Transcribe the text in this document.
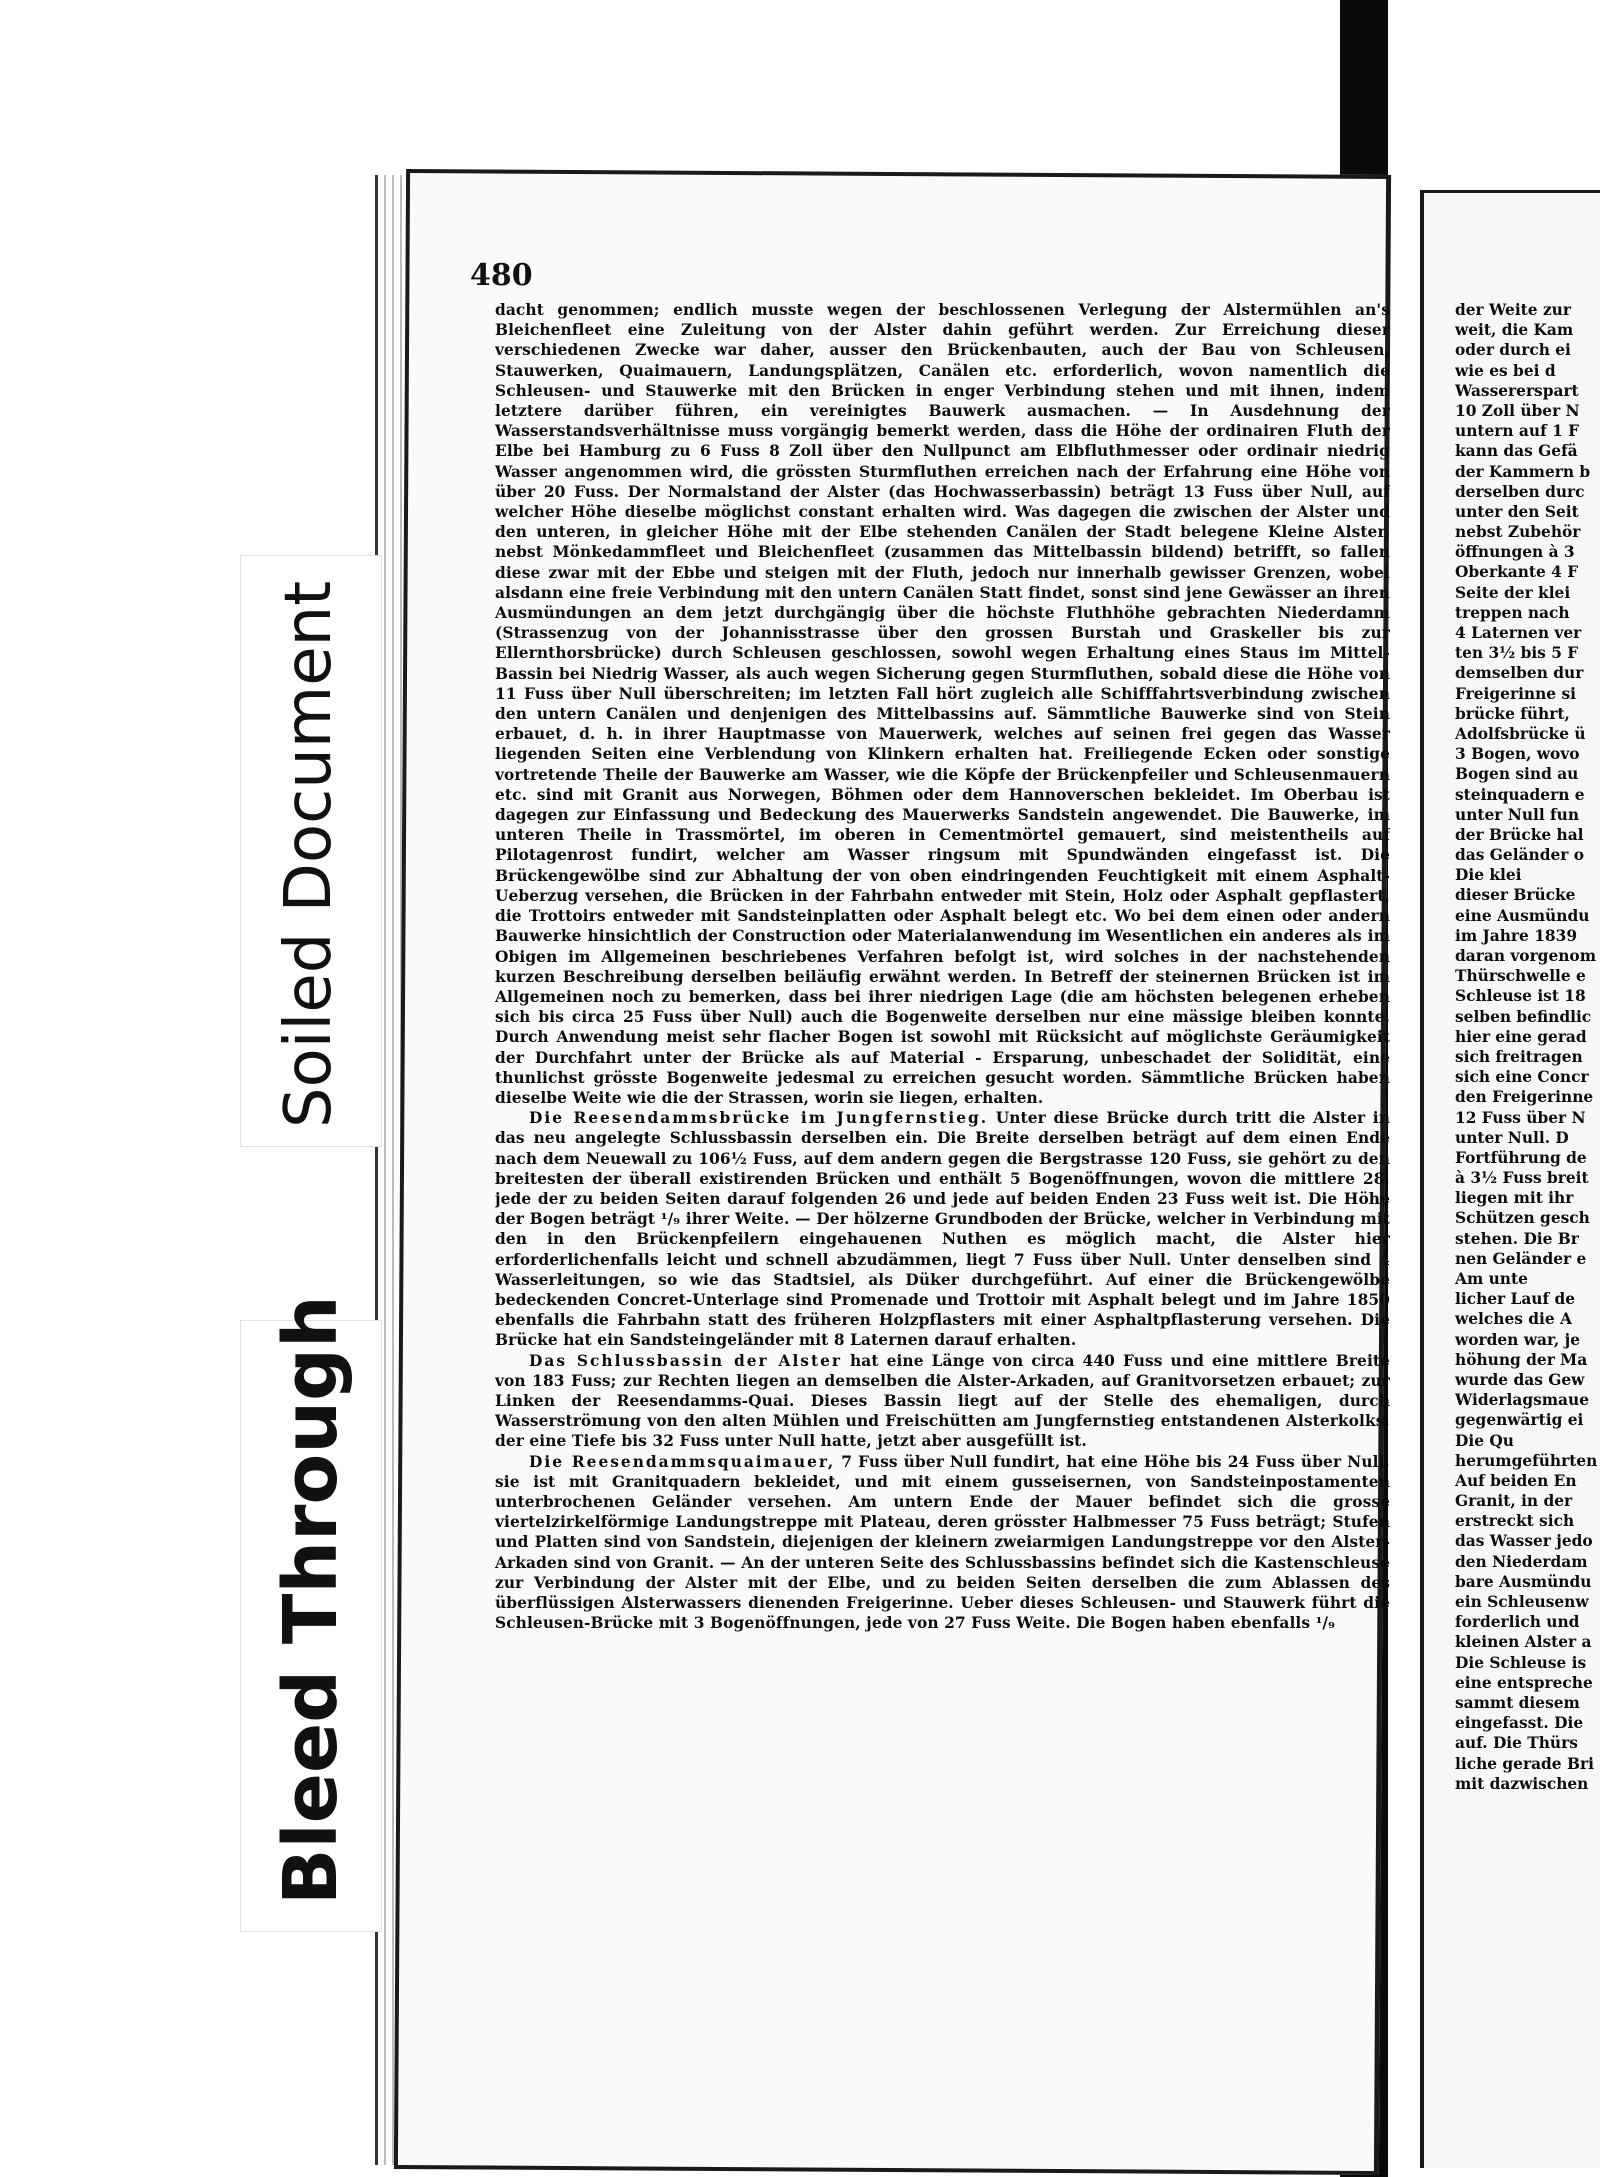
480

dacht genommen; endlich musste wegen der beschlossenen Verlegung der Alstermühlen an's Bleichenfleet eine Zuleitung von der Alster dahin geführt werden. Zur Erreichung dieser verschiedenen Zwecke war daher, ausser den Brückenbauten, auch der Bau von Schleusen, Stauwerken, Quaimauern, Landungsplätzen, Canälen etc. erforderlich, wovon namentlich die Schleusen- und Stauwerke mit den Brücken in enger Verbindung stehen und mit ihnen, indem letztere darüber führen, ein vereinigtes Bauwerk ausmachen. — In Ausdehnung der Wasserstandsverhältnisse muss vorgängig bemerkt werden, dass die Höhe der ordinairen Fluth der Elbe bei Hamburg zu 6 Fuss 8 Zoll über den Nullpunct am Elbfluthmesser oder ordinair niedrig Wasser angenommen wird, die grössten Sturmfluthen erreichen nach der Erfahrung eine Höhe von über 20 Fuss. Der Normalstand der Alster (das Hochwasserbassin) beträgt 13 Fuss über Null, auf welcher Höhe dieselbe möglichst constant erhalten wird. Was dagegen die zwischen der Alster und den unteren, in gleicher Höhe mit der Elbe stehenden Canälen der Stadt belegene Kleine Alster, nebst Mönkedammfleet und Bleichenfleet (zusammen das Mittelbassin bildend) betrifft, so fallen diese zwar mit der Ebbe und steigen mit der Fluth, jedoch nur innerhalb gewisser Grenzen, wobei alsdann eine freie Verbindung mit den untern Canälen Statt findet, sonst sind jene Gewässer an ihren Ausmündungen an dem jetzt durchgängig über die höchste Fluthhöhe gebrachten Niederdamm (Strassenzug von der Johannisstrasse über den grossen Burstah und Graskeller bis zur Ellernthorsbrücke) durch Schleusen geschlossen, sowohl wegen Erhaltung eines Staus im Mittel-Bassin bei Niedrig Wasser, als auch wegen Sicherung gegen Sturmfluthen, sobald diese die Höhe von 11 Fuss über Null überschreiten; im letzten Fall hört zugleich alle Schifffahrtsverbindung zwischen den untern Canälen und denjenigen des Mittelbassins auf. Sämmtliche Bauwerke sind von Stein erbauet, d. h. in ihrer Hauptmasse von Mauerwerk, welches auf seinen frei gegen das Wasser liegenden Seiten eine Verblendung von Klinkern erhalten hat. Freiliegende Ecken oder sonstige vortretende Theile der Bauwerke am Wasser, wie die Köpfe der Brückenpfeiler und Schleusenmauern etc. sind mit Granit aus Norwegen, Böhmen oder dem Hannoverschen bekleidet. Im Oberbau ist dagegen zur Einfassung und Bedeckung des Mauerwerks Sandstein angewendet. Die Bauwerke, im unteren Theile in Trassmörtel, im oberen in Cementmörtel gemauert, sind meistentheils auf Pilotagenrost fundirt, welcher am Wasser ringsum mit Spundwänden eingefasst ist. Die Brückengewölbe sind zur Abhaltung der von oben eindringenden Feuchtigkeit mit einem Asphalt-Ueberzug versehen, die Brücken in der Fahrbahn entweder mit Stein, Holz oder Asphalt gepflastert, die Trottoirs entweder mit Sandsteinplatten oder Asphalt belegt etc. Wo bei dem einen oder andern Bauwerke hinsichtlich der Construction oder Materialanwendung im Wesentlichen ein anderes als im Obigen im Allgemeinen beschriebenes Verfahren befolgt ist, wird solches in der nachstehenden kurzen Beschreibung derselben beiläufig erwähnt werden. In Betreff der steinernen Brücken ist im Allgemeinen noch zu bemerken, dass bei ihrer niedrigen Lage (die am höchsten belegenen erheben sich bis circa 25 Fuss über Null) auch die Bogenweite derselben nur eine mässige bleiben konnte. Durch Anwendung meist sehr flacher Bogen ist sowohl mit Rücksicht auf möglichste Geräumigkeit der Durchfahrt unter der Brücke als auf Material - Ersparung, unbeschadet der Solidität, eine thunlichst grösste Bogenweite jedesmal zu erreichen gesucht worden. Sämmtliche Brücken haben dieselbe Weite wie die der Strassen, worin sie liegen, erhalten.

Die Reesendammsbrücke im Jungfernstieg. Unter diese Brücke durch tritt die Alster in das neu angelegte Schlussbassin derselben ein. Die Breite derselben beträgt auf dem einen Ende nach dem Neuewall zu 106½ Fuss, auf dem andern gegen die Bergstrasse 120 Fuss, sie gehört zu den breitesten der überall existirenden Brücken und enthält 5 Bogenöffnungen, wovon die mittlere 28, jede der zu beiden Seiten darauf folgenden 26 und jede auf beiden Enden 23 Fuss weit ist. Die Höhe der Bogen beträgt ¹/₉ ihrer Weite. — Der hölzerne Grundboden der Brücke, welcher in Verbindung mit den in den Brückenpfeilern eingehauenen Nuthen es möglich macht, die Alster hier erforderlichenfalls leicht und schnell abzudämmen, liegt 7 Fuss über Null. Unter denselben sind 4 Wasserleitungen, so wie das Stadtsiel, als Düker durchgeführt. Auf einer die Brückengewölbe bedeckenden Concret-Unterlage sind Promenade und Trottoir mit Asphalt belegt und im Jahre 1850 ebenfalls die Fahrbahn statt des früheren Holzpflasters mit einer Asphaltpflasterung versehen. Die Brücke hat ein Sandsteingeländer mit 8 Laternen darauf erhalten.

Das Schlussbassin der Alster hat eine Länge von circa 440 Fuss und eine mittlere Breite von 183 Fuss; zur Rechten liegen an demselben die Alster-Arkaden, auf Granitvorsetzen erbauet; zur Linken der Reesendamms-Quai. Dieses Bassin liegt auf der Stelle des ehemaligen, durch Wasserströmung von den alten Mühlen und Freischütten am Jungfernstieg entstandenen Alsterkolks, der eine Tiefe bis 32 Fuss unter Null hatte, jetzt aber ausgefüllt ist.

Die Reesendammsquaimauer, 7 Fuss über Null fundirt, hat eine Höhe bis 24 Fuss über Null, sie ist mit Granitquadern bekleidet, und mit einem gusseisernen, von Sandsteinpostamenten unterbrochenen Geländer versehen. Am untern Ende der Mauer befindet sich die grosse viertelzirkelförmige Landungstreppe mit Plateau, deren grösster Halbmesser 75 Fuss beträgt; Stufen und Platten sind von Sandstein, diejenigen der kleinern zweiarmigen Landungstreppe vor den Alster-Arkaden sind von Granit. — An der unteren Seite des Schlussbassins befindet sich die Kastenschleuse zur Verbindung der Alster mit der Elbe, und zu beiden Seiten derselben die zum Ablassen des überflüssigen Alsterwassers dienenden Freigerinne. Ueber dieses Schleusen- und Stauwerk führt die Schleusen-Brücke mit 3 Bogenöffnungen, jede von 27 Fuss Weite. Die Bogen haben ebenfalls ¹/₉

der Weite zur
weit, die Kam
oder durch ei
wie es bei d
Wassererspart
10 Zoll über N
untern auf 1 F
kann das Gefä
der Kammern b
derselben durc
unter den Seit
nebst Zubehör
öffnungen à 3
Oberkante 4 F
Seite der klei
treppen nach
4 Laternen ver
ten 3½ bis 5 F
demselben dur
Freigerinne si
brücke führt,
Adolfsbrücke ü
3 Bogen, wovo
Bogen sind au
steinquadern e
unter Null fun
der Brücke hal
das Geländer o
Die klei
dieser Brücke
eine Ausmündu
im Jahre 1839
daran vorgenom
Thürschwelle e
Schleuse ist 18
selben befindlic
hier eine gerad
sich freitragen
sich eine Concr
den Freigerinne
12 Fuss über N
unter Null. D
Fortführung de
à 3½ Fuss breit
liegen mit ihr
Schützen gesch
stehen. Die Br
nen Geländer e
Am unte
licher Lauf de
welches die A
worden war, je
höhung der Ma
wurde das Gew
Widerlagsmaue
gegenwärtig ei
Die Qu
herumgeführten
Auf beiden En
Granit, in der
erstreckt sich
das Wasser jedo
den Niederdam
bare Ausmündu
ein Schleusenw
forderlich und
kleinen Alster a
Die Schleuse is
eine entspreche
sammt diesem
eingefasst. Die
auf. Die Thürs
liche gerade Bri
mit dazwischen
Soiled Document
Bleed Through
